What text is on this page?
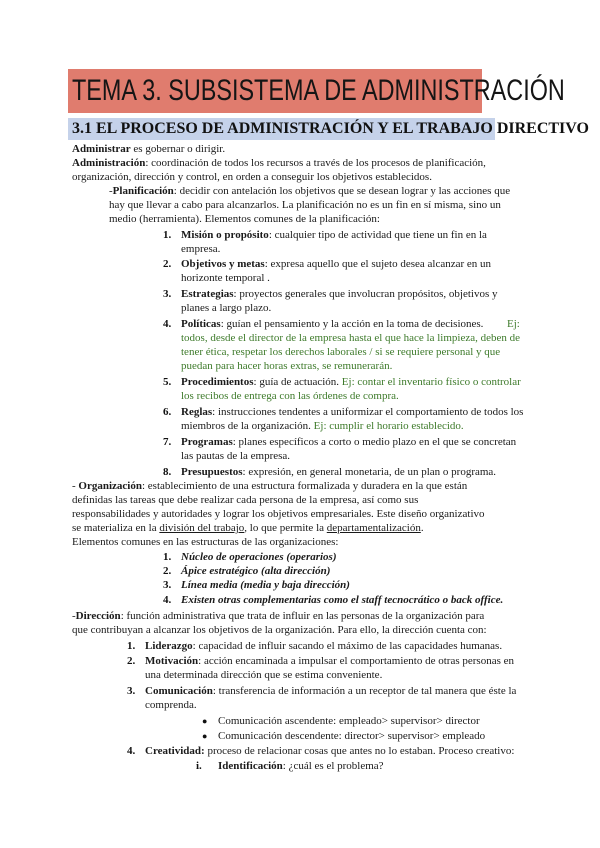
TEMA 3. SUBSISTEMA DE ADMINISTRACIÓN
3.1 EL PROCESO DE ADMINISTRACIÓN Y EL TRABAJO DIRECTIVO
Administrar es gobernar o dirigir.
Administración: coordinación de todos los recursos a través de los procesos de planificación,
organización, dirección y control, en orden a conseguir los objetivos establecidos.
-Planificación: decidir con antelación los objetivos que se desean lograr y las acciones que
hay que llevar a cabo para alcanzarlos. La planificación no es un fin en sí misma, sino un
medio (herramienta). Elementos comunes de la planificación:
1. Misión o propósito: cualquier tipo de actividad que tiene un fin en la
empresa.
2. Objetivos y metas: expresa aquello que el sujeto desea alcanzar en un
horizonte temporal .
3. Estrategias: proyectos generales que involucran propósitos, objetivos y
planes a largo plazo.
4. Políticas: guían el pensamiento y la acción en la toma de decisiones. Ej:
todos, desde el director de la empresa hasta el que hace la limpieza, deben de
tener ética, respetar los derechos laborales / si se requiere personal y que
puedan para hacer horas extras, se remunerarán.
5. Procedimientos: guía de actuación. Ej: contar el inventario físico o controlar
los recibos de entrega con las órdenes de compra.
6. Reglas: instrucciones tendentes a uniformizar el comportamiento de todos los
miembros de la organización. Ej: cumplir el horario establecido.
7. Programas: planes específicos a corto o medio plazo en el que se concretan
las pautas de la empresa.
8. Presupuestos: expresión, en general monetaria, de un plan o programa.
- Organización: establecimiento de una estructura formalizada y duradera en la que están
definidas las tareas que debe realizar cada persona de la empresa, así como sus
responsabilidades y autoridades y lograr los objetivos empresariales. Este diseño organizativo
se materializa en la división del trabajo, lo que permite la departamentalización.
Elementos comunes en las estructuras de las organizaciones:
1. Núcleo de operaciones (operarios)
2. Ápice estratégico (alta dirección)
3. Línea media (media y baja dirección)
4. Existen otras complementarias como el staff tecnocrático o back office.
-Dirección: función administrativa que trata de influir en las personas de la organización para
que contribuyan a alcanzar los objetivos de la organización. Para ello, la dirección cuenta con:
1. Liderazgo: capacidad de influir sacando el máximo de las capacidades humanas.
2. Motivación: acción encaminada a impulsar el comportamiento de otras personas en
una determinada dirección que se estima conveniente.
3. Comunicación: transferencia de información a un receptor de tal manera que éste la
comprenda.
● Comunicación ascendente: empleado> supervisor> director
● Comunicación descendente: director> supervisor> empleado
4. Creatividad: proceso de relacionar cosas que antes no lo estaban. Proceso creativo:
i. Identificación: ¿cuál es el problema?
